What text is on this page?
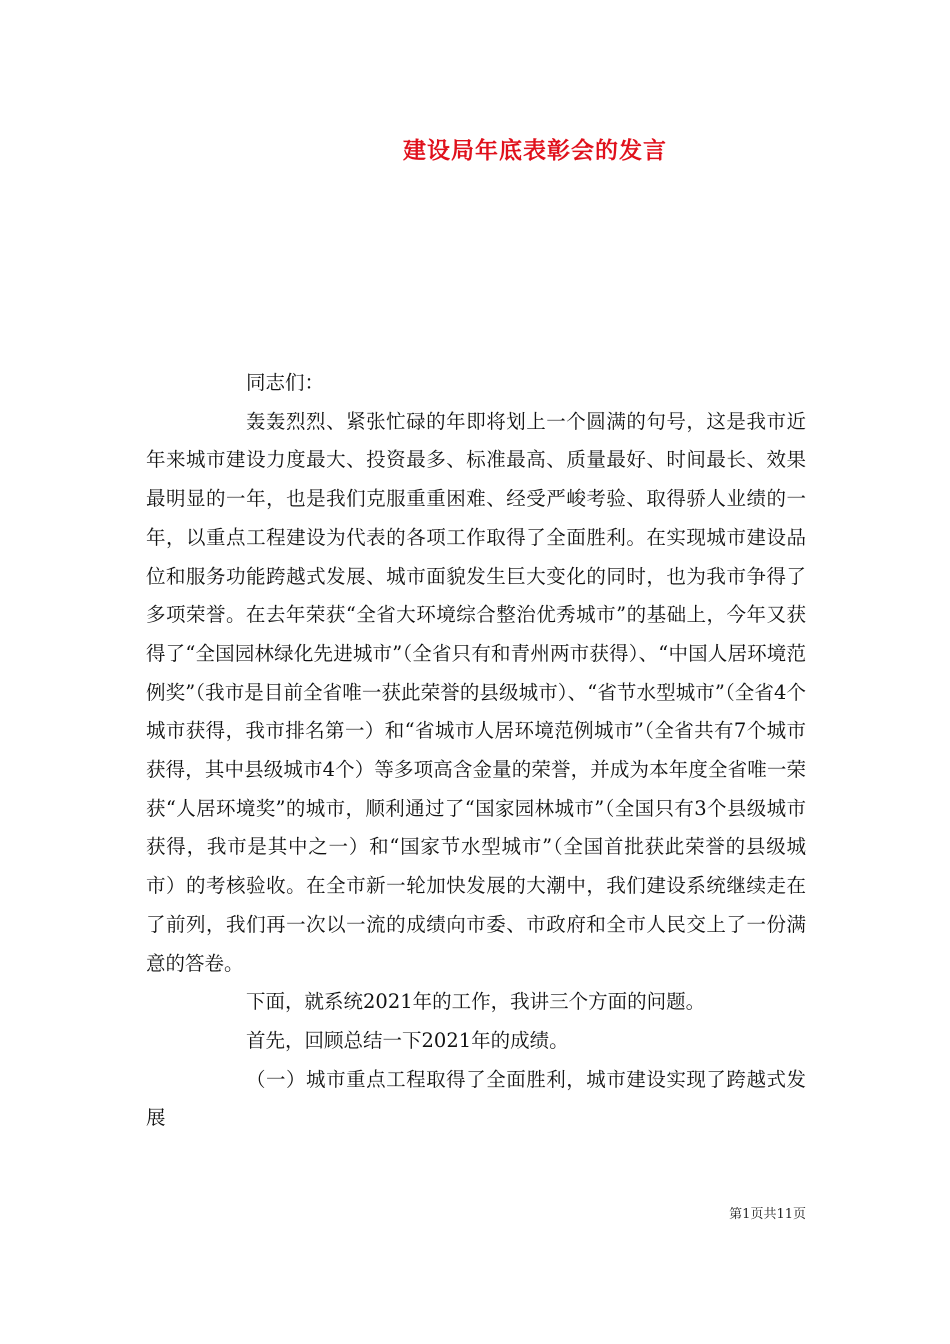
建设局年底表彰会的发言

同志们：

轰轰烈烈、紧张忙碌的年即将划上一个圆满的句号，这是我市近年来城市建设力度最大、投资最多、标准最高、质量最好、时间最长、效果最明显的一年，也是我们克服重重困难、经受严峻考验、取得骄人业绩的一年，以重点工程建设为代表的各项工作取得了全面胜利。在实现城市建设品位和服务功能跨越式发展、城市面貌发生巨大变化的同时，也为我市争得了多项荣誉。在去年荣获“全省大环境综合整治优秀城市”的基础上，今年又获得了“全国园林绿化先进城市”（全省只有和青州两市获得）、“中国人居环境范例奖”（我市是目前全省唯一获此荣誉的县级城市）、“省节水型城市”（全省4个城市获得，我市排名第一）和“省城市人居环境范例城市”（全省共有7个城市获得，其中县级城市4个）等多项高含金量的荣誉，并成为本年度全省唯一荣获“人居环境奖”的城市，顺利通过了“国家园林城市”（全国只有3个县级城市获得，我市是其中之一）和“国家节水型城市”（全国首批获此荣誉的县级城市）的考核验收。在全市新一轮加快发展的大潮中，我们建设系统继续走在了前列，我们再一次以一流的成绩向市委、市政府和全市人民交上了一份满意的答卷。

下面，就系统2021年的工作，我讲三个方面的问题。

首先，回顾总结一下2021年的成绩。

（一）城市重点工程取得了全面胜利，城市建设实现了跨越式发展

第1页共11页
